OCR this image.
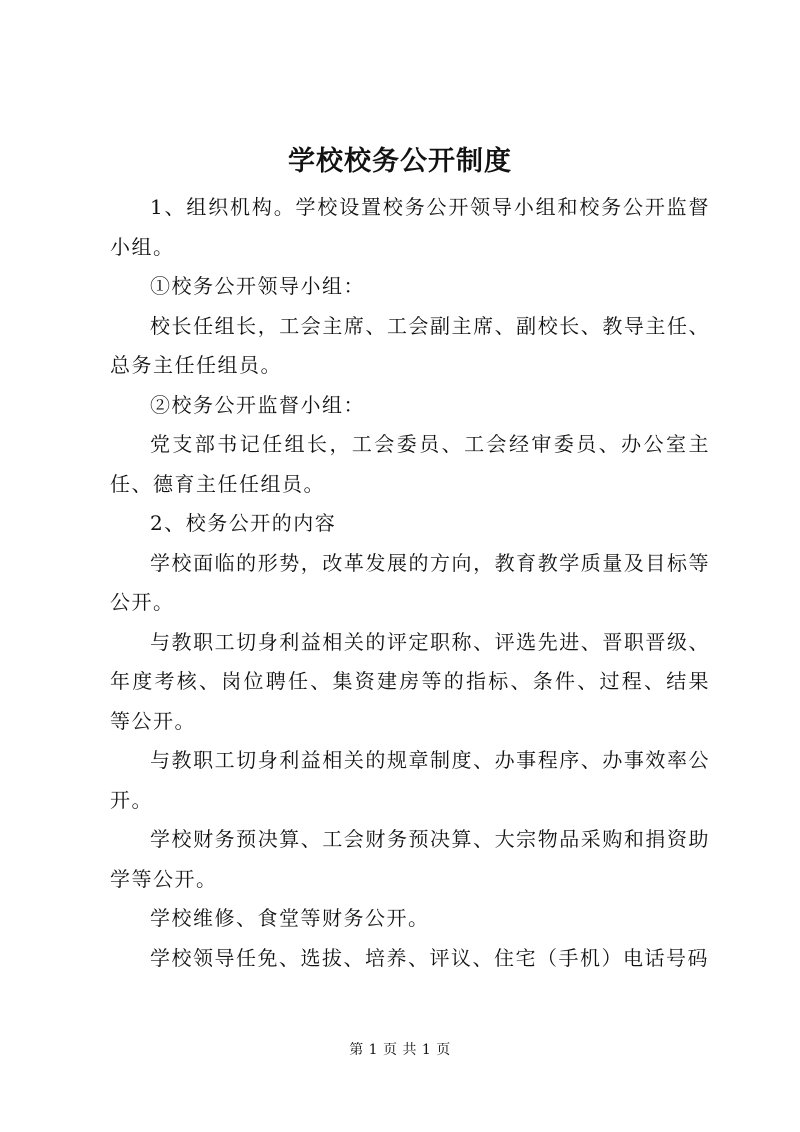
学校校务公开制度

1、组织机构。学校设置校务公开领导小组和校务公开监督小组。

①校务公开领导小组：

校长任组长，工会主席、工会副主席、副校长、教导主任、总务主任任组员。

②校务公开监督小组：

党支部书记任组长，工会委员、工会经审委员、办公室主任、德育主任任组员。

2、校务公开的内容

学校面临的形势，改革发展的方向，教育教学质量及目标等公开。

与教职工切身利益相关的评定职称、评选先进、晋职晋级、年度考核、岗位聘任、集资建房等的指标、条件、过程、结果等公开。

与教职工切身利益相关的规章制度、办事程序、办事效率公开。

学校财务预决算、工会财务预决算、大宗物品采购和捐资助学等公开。

学校维修、食堂等财务公开。

学校领导任免、选拔、培养、评议、住宅（手机）电话号码

第 1 页 共 1 页
